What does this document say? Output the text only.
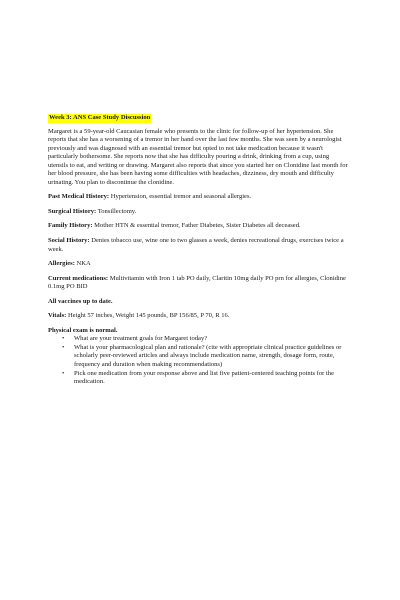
Week 3: ANS Case Study Discussion

Margaret is a 59-year-old Caucasian female who presents to the clinic for follow-up of her hypertension. She reports that she has a worsening of a tremor in her hand over the last few months. She was seen by a neurologist previously and was diagnosed with an essential tremor but opted to not take medication because it wasn't particularly bothersome. She reports now that she has difficulty pouring a drink, drinking from a cup, using utensils to eat, and writing or drawing. Margaret also reports that since you started her on Clonidine last month for her blood pressure, she has been having some difficulties with headaches, dizziness, dry mouth and difficulty urinating. You plan to discontinue the clonidine.

Past Medical History: Hypertension, essential tremor and seasonal allergies.

Surgical History: Tonsillectomy.

Family History: Mother HTN & essential tremor, Father Diabetes, Sister Diabetes all deceased.

Social History: Denies tobacco use, wine one to two glasses a week, denies recreational drugs, exercises twice a week.

Allergies: NKA

Current medications: Multivitamin with Iron 1 tab PO daily, Claritin 10mg daily PO prn for allergies, Clonidine 0.1mg PO BID

All vaccines up to date.

Vitals: Height 57 inches, Weight 145 pounds, BP 156/85, P 70, R 16.

Physical exam is normal.
• What are your treatment goals for Margaret today?
• What is your pharmacological plan and rationale? (cite with appropriate clinical practice guidelines or scholarly peer-reviewed articles and always include medication name, strength, dosage form, route, frequency and duration when making recommendations)
• Pick one medication from your response above and list five patient-centered teaching points for the medication.
